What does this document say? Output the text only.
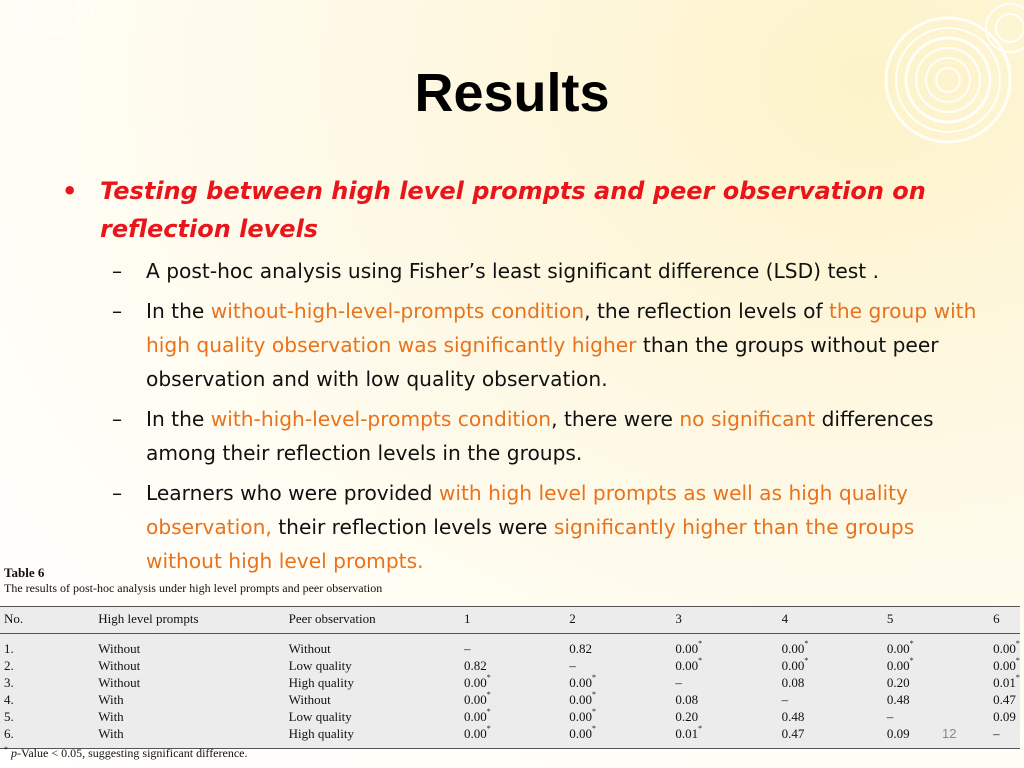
Results
• Testing between high level prompts and peer observation on reflection levels
– A post-hoc analysis using Fisher’s least significant difference (LSD) test .
– In the without-high-level-prompts condition, the reflection levels of the group with high quality observation was significantly higher than the groups without peer observation and with low quality observation.
– In the with-high-level-prompts condition, there were no significant differences among their reflection levels in the groups.
– Learners who were provided with high level prompts as well as high quality observation, their reflection levels were significantly higher than the groups without high level prompts.
Table 6
The results of post-hoc analysis under high level prompts and peer observation
No.	High level prompts	Peer observation	1	2	3	4	5	6
1.	Without	Without	–	0.82	0.00*	0.00*	0.00*	0.00*
2.	Without	Low quality	0.82	–	0.00*	0.00*	0.00*	0.00*
3.	Without	High quality	0.00*	0.00*	–	0.08	0.20	0.01*
4.	With	Without	0.00*	0.00*	0.08	–	0.48	0.47
5.	With	Low quality	0.00*	0.00*	0.20	0.48	–	0.09
6.	With	High quality	0.00*	0.00*	0.01*	0.47	0.09	–
* p-Value < 0.05, suggesting significant difference.
12
